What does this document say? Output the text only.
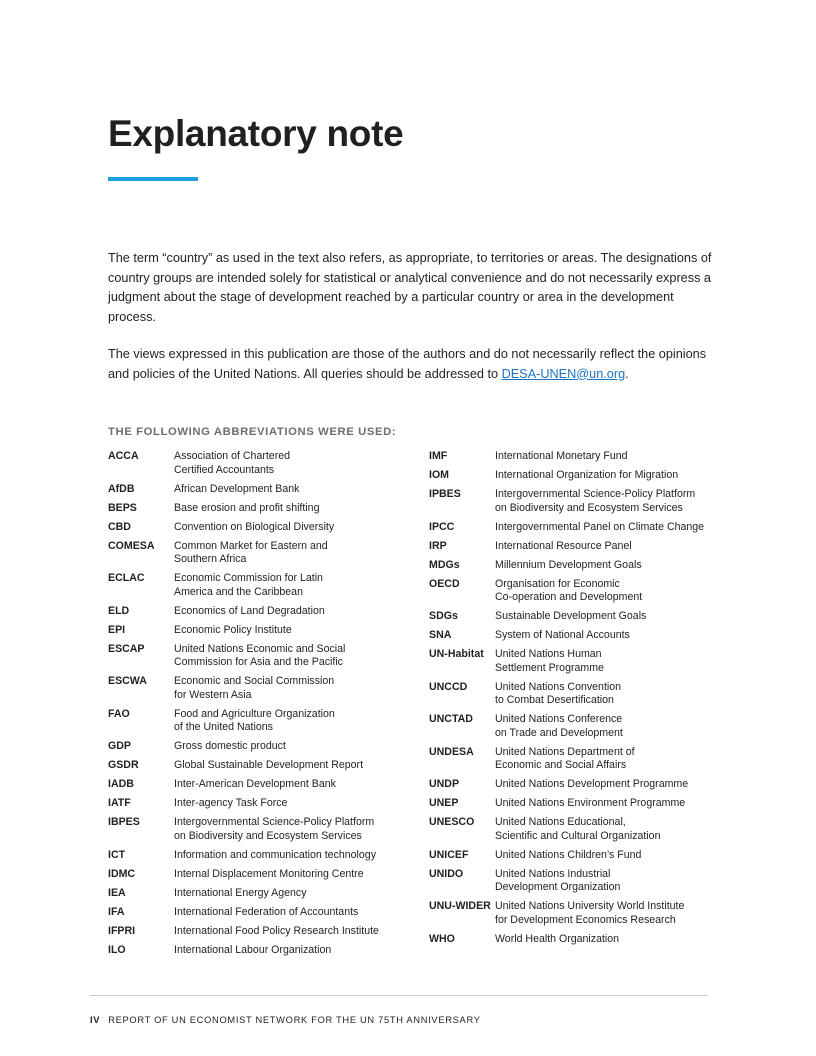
Explanatory note

The term “country” as used in the text also refers, as appropriate, to territories or areas. The designations of country groups are intended solely for statistical or analytical convenience and do not necessarily express a judgment about the stage of development reached by a particular country or area in the development process.

The views expressed in this publication are those of the authors and do not necessarily reflect the opinions and policies of the United Nations. All queries should be addressed to DESA-UNEN@un.org.

THE FOLLOWING ABBREVIATIONS WERE USED:
ACCA	Association of Chartered
Certified Accountants
AfDB	African Development Bank
BEPS	Base erosion and profit shifting
CBD	Convention on Biological Diversity
COMESA	Common Market for Eastern and
Southern Africa
ECLAC	Economic Commission for Latin
America and the Caribbean
ELD	Economics of Land Degradation
EPI	Economic Policy Institute
ESCAP	United Nations Economic and Social
Commission for Asia and the Pacific
ESCWA	Economic and Social Commission
for Western Asia
FAO	Food and Agriculture Organization
of the United Nations
GDP	Gross domestic product
GSDR	Global Sustainable Development Report
IADB	Inter-American Development Bank
IATF	Inter-agency Task Force
IBPES	Intergovernmental Science-Policy Platform
on Biodiversity and Ecosystem Services
ICT	Information and communication technology
IDMC	Internal Displacement Monitoring Centre
IEA	International Energy Agency
IFA	International Federation of Accountants
IFPRI	International Food Policy Research Institute
ILO	International Labour Organization
IMF	International Monetary Fund
IOM	International Organization for Migration
IPBES	Intergovernmental Science-Policy Platform
on Biodiversity and Ecosystem Services
IPCC	Intergovernmental Panel on Climate Change
IRP	International Resource Panel
MDGs	Millennium Development Goals
OECD	Organisation for Economic
Co-operation and Development
SDGs	Sustainable Development Goals
SNA	System of National Accounts
UN-Habitat	United Nations Human
Settlement Programme
UNCCD	United Nations Convention
to Combat Desertification
UNCTAD	United Nations Conference
on Trade and Development
UNDESA	United Nations Department of
Economic and Social Affairs
UNDP	United Nations Development Programme
UNEP	United Nations Environment Programme
UNESCO	United Nations Educational,
Scientific and Cultural Organization
UNICEF	United Nations Children’s Fund
UNIDO	United Nations Industrial
Development Organization
UNU-WIDER United Nations University World Institute
for Development Economics Research
WHO	World Health Organization
IV REPORT OF UN ECONOMIST NETWORK FOR THE UN 75TH ANNIVERSARY
